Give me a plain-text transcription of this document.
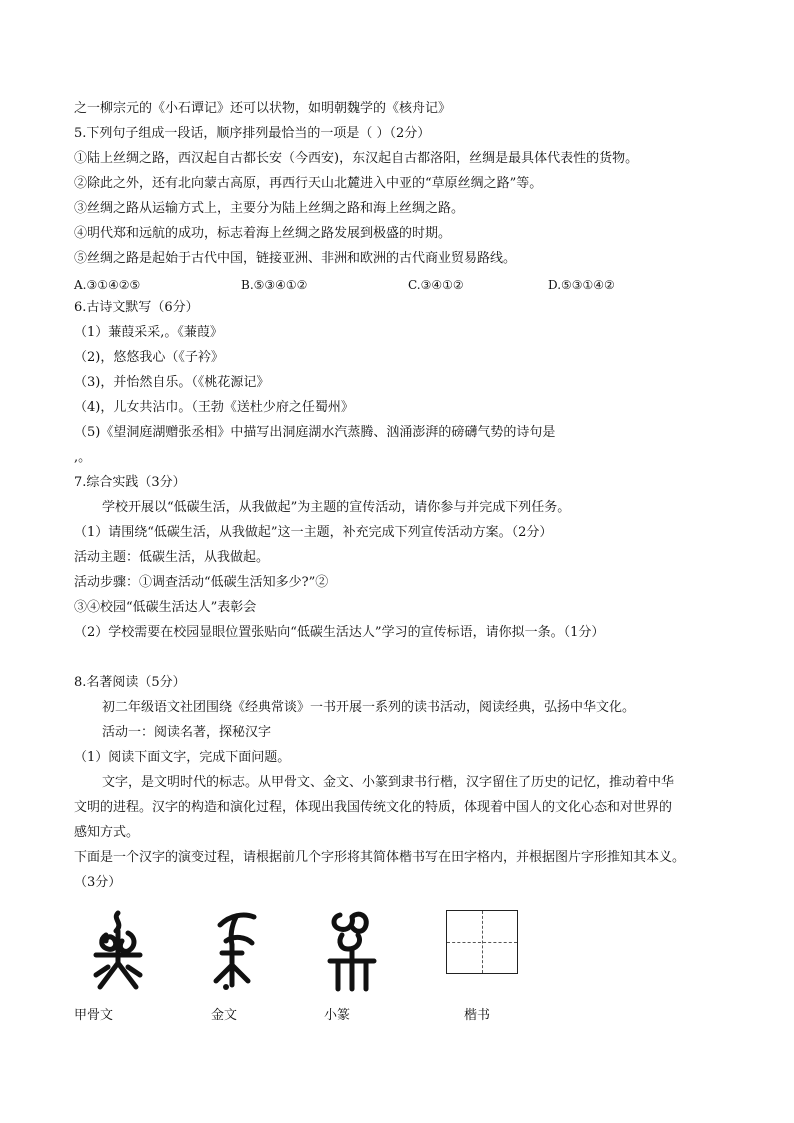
之一柳宗元的《小石谭记》还可以状物，如明朝魏学的《核舟记》
5.下列句子组成一段话，顺序排列最恰当的一项是（ ）（2分）
①陆上丝绸之路，西汉起自古都长安（今西安)，东汉起自古都洛阳，丝绸是最具体代表性的货物。
②除此之外，还有北向蒙古高原，再西行天山北麓进入中亚的“草原丝绸之路”等。
③丝绸之路从运输方式上，主要分为陆上丝绸之路和海上丝绸之路。
④明代郑和远航的成功，标志着海上丝绸之路发展到极盛的时期。
⑤丝绸之路是起始于古代中国，链接亚洲、非洲和欧洲的古代商业贸易路线。
A.③①④②⑤	B.⑤③④①②	C.③④①②	D.⑤③①④②
6.古诗文默写（6分）
（1）蒹葭采采,。《蒹葭》
（2)，悠悠我心（《子衿》
（3)，并怡然自乐。（《桃花源记》
（4)，儿女共沾巾。（王勃《送杜少府之任蜀州》
（5)《望洞庭湖赠张丞相》中描写出洞庭湖水汽蒸腾、汹涌澎湃的磅礴气势的诗句是
,。
7.综合实践（3分）
学校开展以“低碳生活，从我做起”为主题的宣传活动，请你参与并完成下列任务。
（1）请围绕“低碳生活，从我做起”这一主题，补充完成下列宣传活动方案。（2分）
活动主题：低碳生活，从我做起。
活动步骤：①调查活动“低碳生活知多少?”②
③④校园“低碳生活达人”表彰会
（2）学校需要在校园显眼位置张贴向“低碳生活达人”学习的宣传标语，请你拟一条。（1分）
8.名著阅读（5分）
初二年级语文社团围绕《经典常谈》一书开展一系列的读书活动，阅读经典，弘扬中华文化。
活动一：阅读名著，探秘汉字
（1）阅读下面文字，完成下面问题。
文字，是文明时代的标志。从甲骨文、金文、小篆到隶书行楷，汉字留住了历史的记忆，推动着中华
文明的进程。汉字的构造和演化过程，体现出我国传统文化的特质，体现着中国人的文化心态和对世界的
感知方式。
下面是一个汉字的演变过程，请根据前几个字形将其简体楷书写在田字格内，并根据图片字形推知其本义。
（3分）
甲骨文	金文	小篆	楷书
